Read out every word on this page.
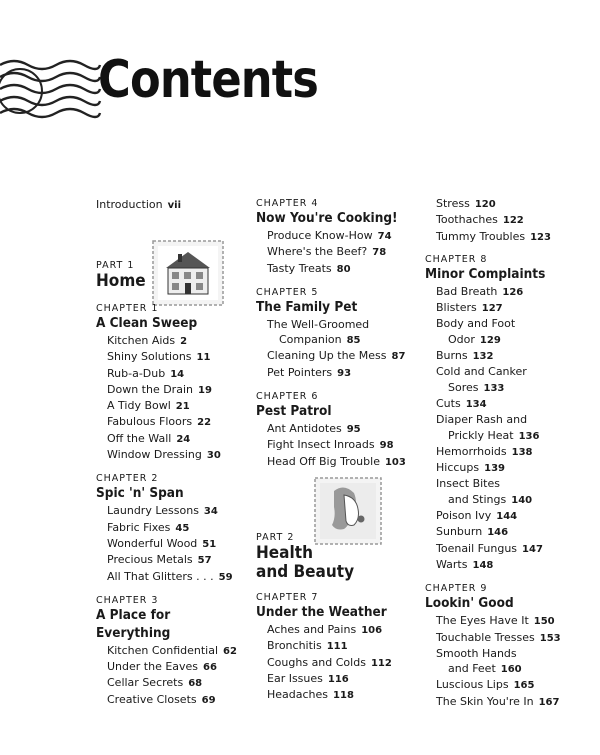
Contents
Introduction vii
PART 1
Home
CHAPTER 1
A Clean Sweep
Kitchen Aids 2
Shiny Solutions 11
Rub-a-Dub 14
Down the Drain 19
A Tidy Bowl 21
Fabulous Floors 22
Off the Wall 24
Window Dressing 30
CHAPTER 2
Spic 'n' Span
Laundry Lessons 34
Fabric Fixes 45
Wonderful Wood 51
Precious Metals 57
All That Glitters . . . 59
CHAPTER 3
A Place for
Everything
Kitchen Confidential 62
Under the Eaves 66
Cellar Secrets 68
Creative Closets 69
CHAPTER 4
Now You're Cooking!
Produce Know-How 74
Where's the Beef? 78
Tasty Treats 80
CHAPTER 5
The Family Pet
The Well-Groomed
Companion 85
Cleaning Up the Mess 87
Pet Pointers 93
CHAPTER 6
Pest Patrol
Ant Antidotes 95
Fight Insect Inroads 98
Head Off Big Trouble 103
PART 2
Health
and Beauty
CHAPTER 7
Under the Weather
Aches and Pains 106
Bronchitis 111
Coughs and Colds 112
Ear Issues 116
Headaches 118
Stress 120
Toothaches 122
Tummy Troubles 123
CHAPTER 8
Minor Complaints
Bad Breath 126
Blisters 127
Body and Foot
Odor 129
Burns 132
Cold and Canker
Sores 133
Cuts 134
Diaper Rash and
Prickly Heat 136
Hemorrhoids 138
Hiccups 139
Insect Bites
and Stings 140
Poison Ivy 144
Sunburn 146
Toenail Fungus 147
Warts 148
CHAPTER 9
Lookin' Good
The Eyes Have It 150
Touchable Tresses 153
Smooth Hands
and Feet 160
Luscious Lips 165
The Skin You're In 167
